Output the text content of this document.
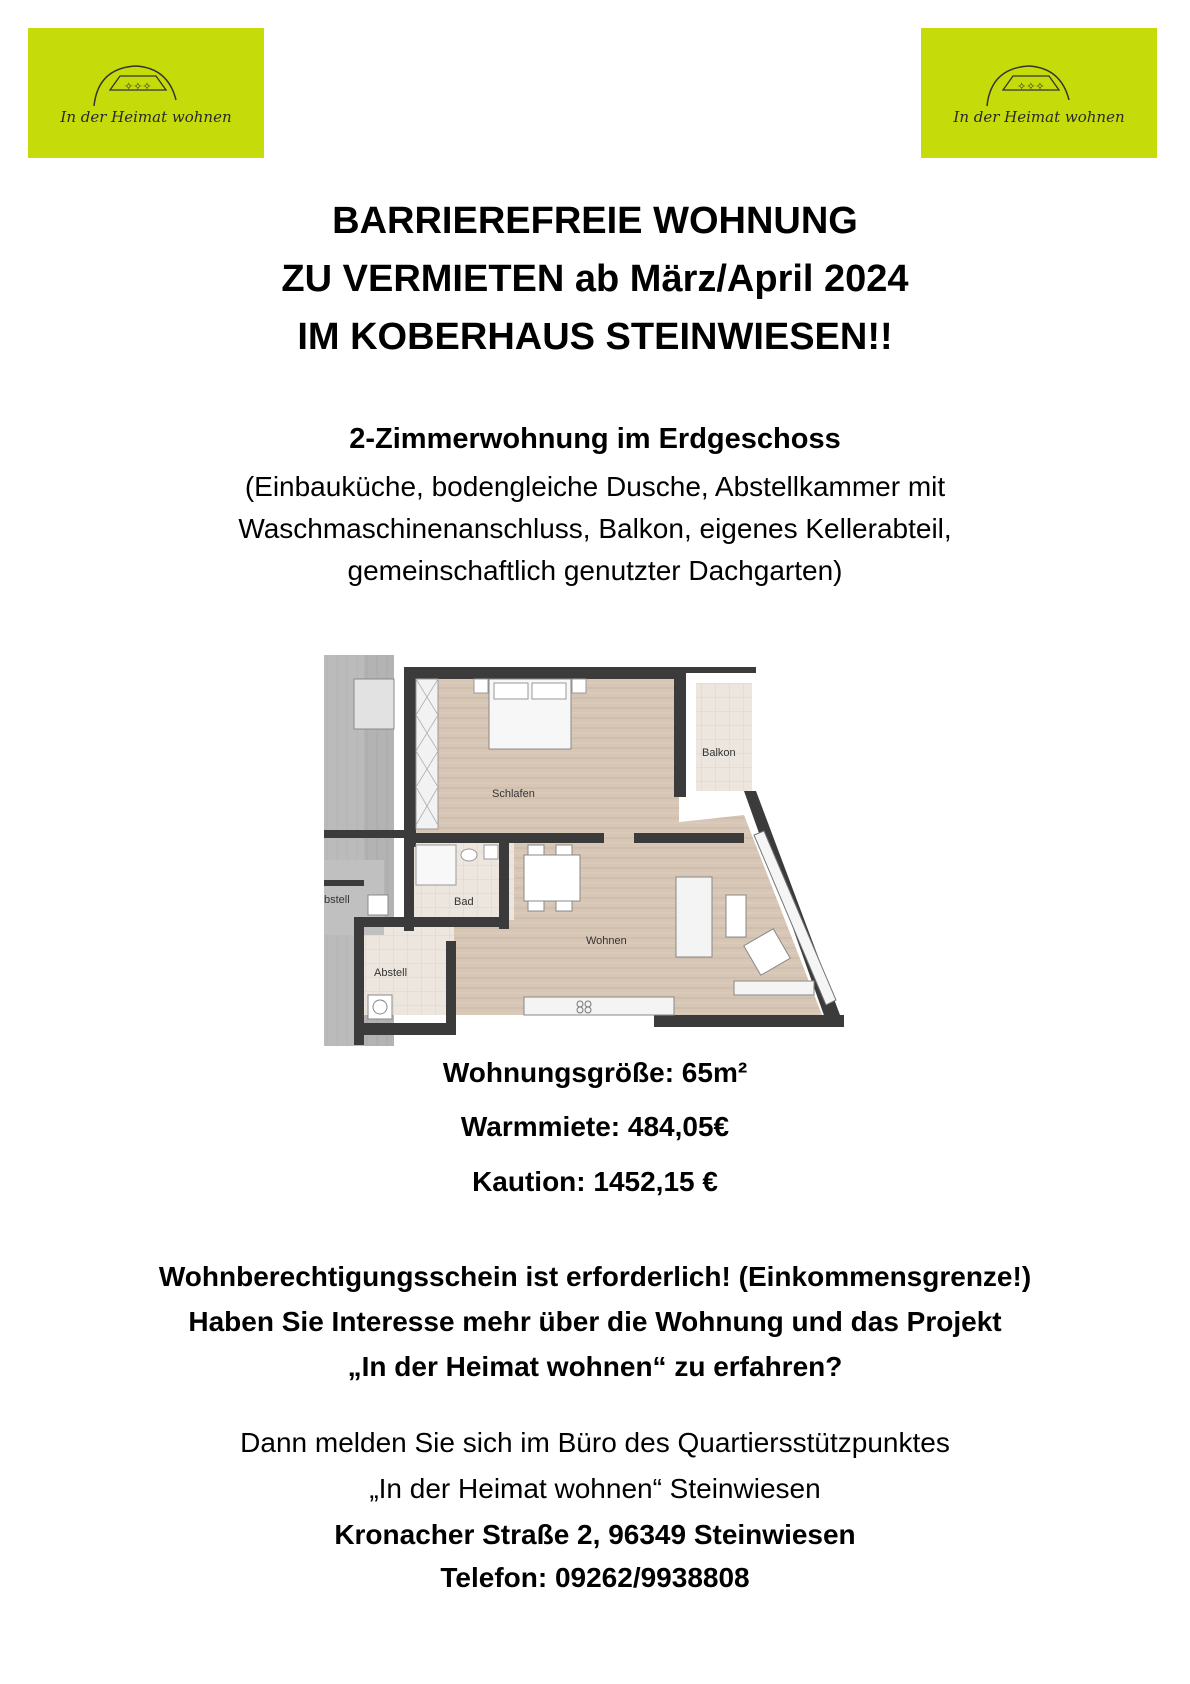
✧✧✧
In der Heimat wohnen
✧✧✧
In der Heimat wohnen
BARRIEREFREIE WOHNUNG
ZU VERMIETEN ab März/April 2024
IM KOBERHAUS STEINWIESEN!!
2-Zimmerwohnung im Erdgeschoss
(Einbauküche, bodengleiche Dusche, Abstellkammer mit
Waschmaschinenanschluss, Balkon, eigenes Kellerabteil,
gemeinschaftlich genutzter Dachgarten)
Balkon
Schlafen
Bad
Wohnen
Abstell
bstell
Wohnungsgröße: 65m²
Warmmiete: 484,05€
Kaution: 1452,15 €
Wohnberechtigungsschein ist erforderlich! (Einkommensgrenze!)
Haben Sie Interesse mehr über die Wohnung und das Projekt
„In der Heimat wohnen“ zu erfahren?
Dann melden Sie sich im Büro des Quartiersstützpunktes
„In der Heimat wohnen“ Steinwiesen
Kronacher Straße 2, 96349 Steinwiesen
Telefon: 09262/9938808
